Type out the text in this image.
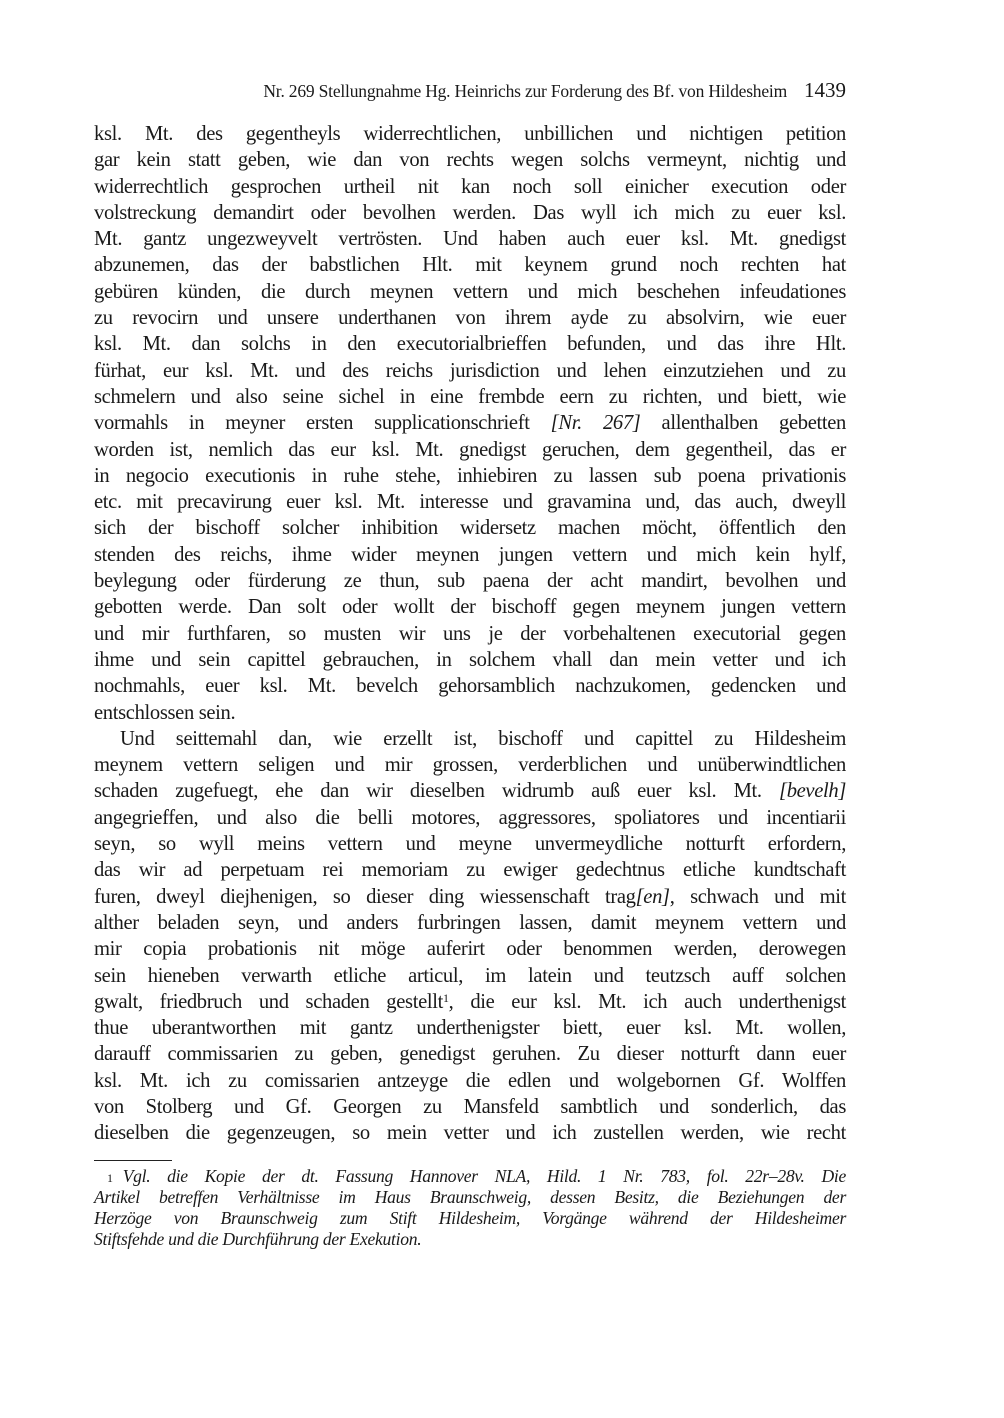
Nr. 269 Stellungnahme Hg. Heinrichs zur Forderung des Bf. von Hildesheim 1439
ksl. Mt. des gegentheyls widerrechtlichen, unbillichen und nichtigen petition
gar kein statt geben, wie dan von rechts wegen solchs vermeynt, nichtig und
widerrechtlich gesprochen urtheil nit kan noch soll einicher execution oder
volstreckung demandirt oder bevolhen werden. Das wyll ich mich zu euer ksl.
Mt. gantz ungezweyvelt vertrösten. Und haben auch euer ksl. Mt. gnedigst
abzunemen, das der babstlichen Hlt. mit keynem grund noch rechten hat
gebüren künden, die durch meynen vettern und mich beschehen infeudationes
zu revocirn und unsere underthanen von ihrem ayde zu absolvirn, wie euer
ksl. Mt. dan solchs in den executorialbrieffen befunden, und das ihre Hlt.
fürhat, eur ksl. Mt. und des reichs jurisdiction und lehen einzutziehen und zu
schmelern und also seine sichel in eine frembde eern zu richten, und biett, wie
vormahls in meyner ersten supplicationschrieft [Nr. 267] allenthalben gebetten
worden ist, nemlich das eur ksl. Mt. gnedigst geruchen, dem gegentheil, das er
in negocio executionis in ruhe stehe, inhiebiren zu lassen sub poena privationis
etc. mit precavirung euer ksl. Mt. interesse und gravamina und, das auch, dweyll
sich der bischoff solcher inhibition widersetz machen möcht, öffentlich den
stenden des reichs, ihme wider meynen jungen vettern und mich kein hylf,
beylegung oder fürderung ze thun, sub paena der acht mandirt, bevolhen und
gebotten werde. Dan solt oder wollt der bischoff gegen meynem jungen vettern
und mir furthfaren, so musten wir uns je der vorbehaltenen executorial gegen
ihme und sein capittel gebrauchen, in solchem vhall dan mein vetter und ich
nochmahls, euer ksl. Mt. bevelch gehorsamblich nachzukomen, gedencken und
entschlossen sein.
Und seittemahl dan, wie erzellt ist, bischoff und capittel zu Hildesheim
meynem vettern seligen und mir grossen, verderblichen und unüberwindtlichen
schaden zugefuegt, ehe dan wir dieselben widrumb auß euer ksl. Mt. [bevelh]
angegrieffen, und also die belli motores, aggressores, spoliatores und incentiarii
seyn, so wyll meins vettern und meyne unvermeydliche notturft erfordern,
das wir ad perpetuam rei memoriam zu ewiger gedechtnus etliche kundtschaft
furen, dweyl diejhenigen, so dieser ding wiessenschaft trag[en], schwach und mit
alther beladen seyn, und anders furbringen lassen, damit meynem vettern und
mir copia probationis nit möge auferirt oder benommen werden, derowegen
sein hieneben verwarth etliche articul, im latein und teutzsch auff solchen
gwalt, friedbruch und schaden gestellt$^1$, die eur ksl. Mt. ich auch underthenigst
thue uberantworthen mit gantz underthenigster biett, euer ksl. Mt. wollen,
darauff commissarien zu geben, genedigst geruhen. Zu dieser notturft dann euer
ksl. Mt. ich zu comissarien antzeyge die edlen und wolgebornen Gf. Wolffen
von Stolberg und Gf. Georgen zu Mansfeld sambtlich und sonderlich, das
dieselben die gegenzeugen, so mein vetter und ich zustellen werden, wie recht
$^1$ Vgl. die Kopie der dt. Fassung Hannover NLA, Hild. 1 Nr. 783, fol. 22r–28v. Die
Artikel betreffen Verhältnisse im Haus Braunschweig, dessen Besitz, die Beziehungen der
Herzöge von Braunschweig zum Stift Hildesheim, Vorgänge während der Hildesheimer
Stiftsfehde und die Durchführung der Exekution.
